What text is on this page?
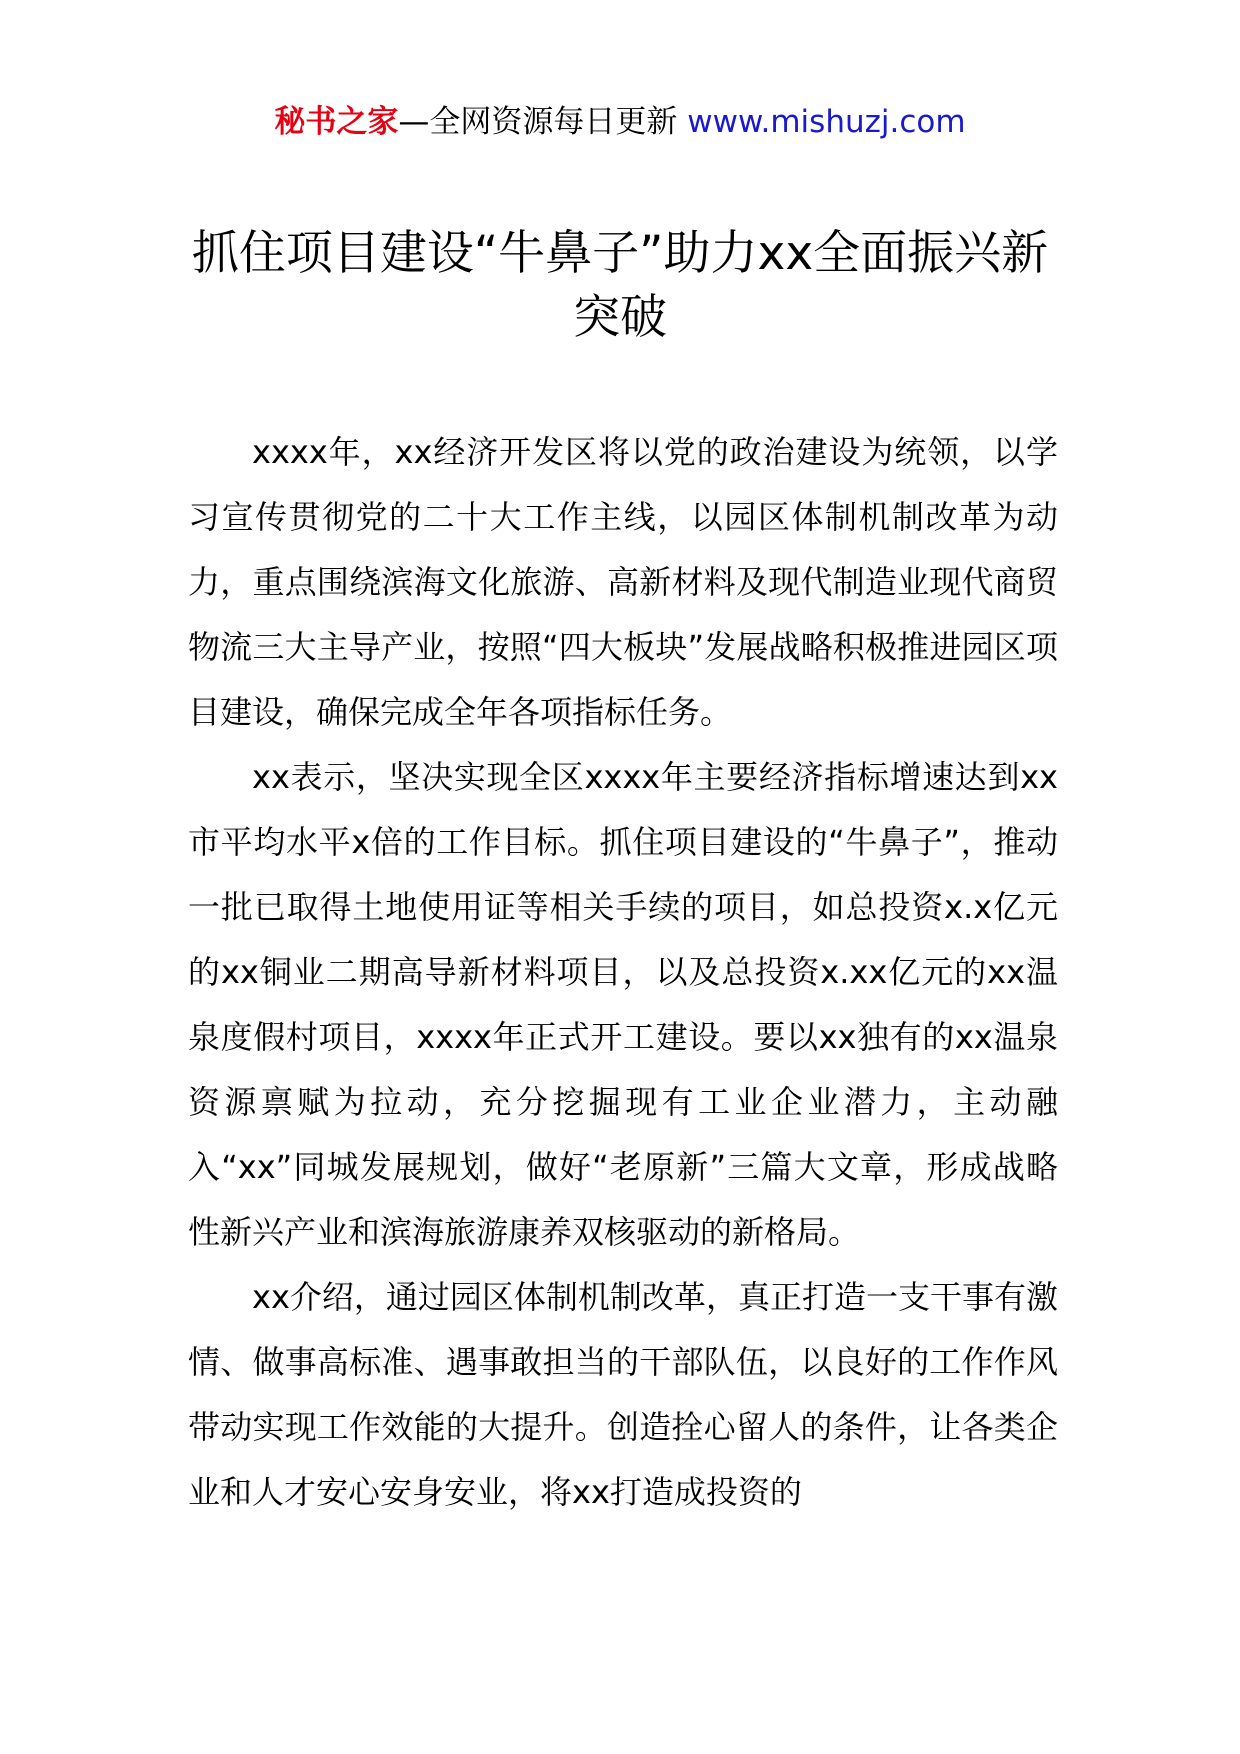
秘书之家—全网资源每日更新 www.mishuzj.com
抓住项目建设“牛鼻子”助力xx全面振兴新突破

xxxx年，xx经济开发区将以党的政治建设为统领，以学习宣传贯彻党的二十大工作主线，以园区体制机制改革为动力，重点围绕滨海文化旅游、高新材料及现代制造业现代商贸物流三大主导产业，按照“四大板块”发展战略积极推进园区项目建设，确保完成全年各项指标任务。

xx表示，坚决实现全区xxxx年主要经济指标增速达到xx市平均水平x倍的工作目标。抓住项目建设的“牛鼻子”，推动一批已取得土地使用证等相关手续的项目，如总投资x.x亿元的xx铜业二期高导新材料项目，以及总投资x.xx亿元的xx温泉度假村项目，xxxx年正式开工建设。要以xx独有的xx温泉资源禀赋为拉动，充分挖掘现有工业企业潜力，主动融入“xx”同城发展规划，做好“老原新”三篇大文章，形成战略性新兴产业和滨海旅游康养双核驱动的新格局。

xx介绍，通过园区体制机制改革，真正打造一支干事有激情、做事高标准、遇事敢担当的干部队伍，以良好的工作作风带动实现工作效能的大提升。创造拴心留人的条件，让各类企业和人才安心安身安业，将xx打造成投资的
